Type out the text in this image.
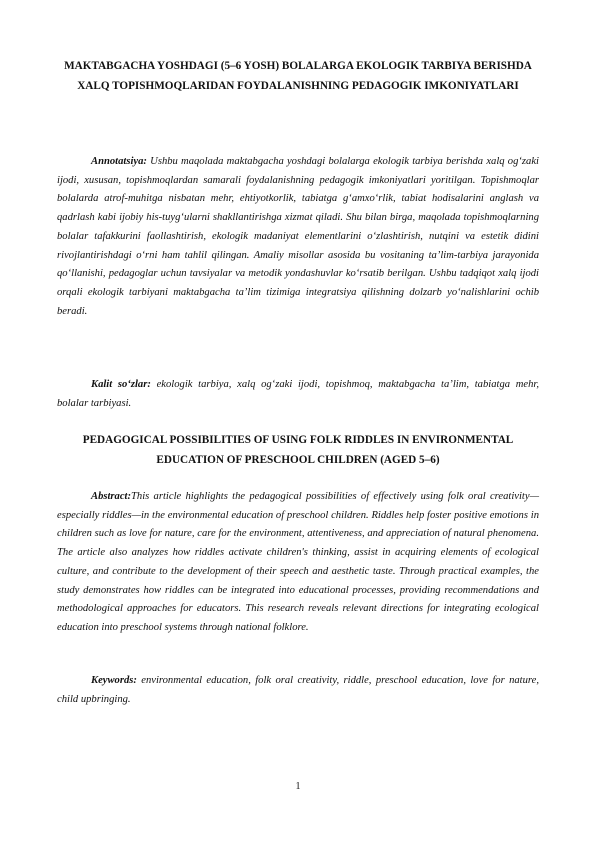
MAKTABGACHA YOSHDAGI (5–6 YOSH) BOLALARGA EKOLOGIK TARBIYA BERISHDA XALQ TOPISHMOQLARIDAN FOYDALANISHNING PEDAGOGIK IMKONIYATLARI

Annotatsiya: Ushbu maqolada maktabgacha yoshdagi bolalarga ekologik tarbiya berishda xalq og‘zaki ijodi, xususan, topishmoqlardan samarali foydalanishning pedagogik imkoniyatlari yoritilgan. Topishmoqlar bolalarda atrof-muhitga nisbatan mehr, ehtiyotkorlik, tabiatga g‘amxo‘rlik, tabiat hodisalarini anglash va qadrlash kabi ijobiy his-tuyg‘ularni shakllantirishga xizmat qiladi. Shu bilan birga, maqolada topishmoqlarning bolalar tafakkurini faollashtirish, ekologik madaniyat elementlarini o‘zlashtirish, nutqini va estetik didini rivojlantirishdagi o‘rni ham tahlil qilingan. Amaliy misollar asosida bu vositaning ta’lim-tarbiya jarayonida qo‘llanishi, pedagoglar uchun tavsiyalar va metodik yondashuvlar ko‘rsatib berilgan. Ushbu tadqiqot xalq ijodi orqali ekologik tarbiyani maktabgacha ta’lim tizimiga integratsiya qilishning dolzarb yo‘nalishlarini ochib beradi.

Kalit so‘zlar: ekologik tarbiya, xalq og‘zaki ijodi, topishmoq, maktabgacha ta’lim, tabiatga mehr, bolalar tarbiyasi.

PEDAGOGICAL POSSIBILITIES OF USING FOLK RIDDLES IN ENVIRONMENTAL EDUCATION OF PRESCHOOL CHILDREN (AGED 5–6)

Abstract:This article highlights the pedagogical possibilities of effectively using folk oral creativity—especially riddles—in the environmental education of preschool children. Riddles help foster positive emotions in children such as love for nature, care for the environment, attentiveness, and appreciation of natural phenomena. The article also analyzes how riddles activate children's thinking, assist in acquiring elements of ecological culture, and contribute to the development of their speech and aesthetic taste. Through practical examples, the study demonstrates how riddles can be integrated into educational processes, providing recommendations and methodological approaches for educators. This research reveals relevant directions for integrating ecological education into preschool systems through national folklore.

Keywords: environmental education, folk oral creativity, riddle, preschool education, love for nature, child upbringing.

1
